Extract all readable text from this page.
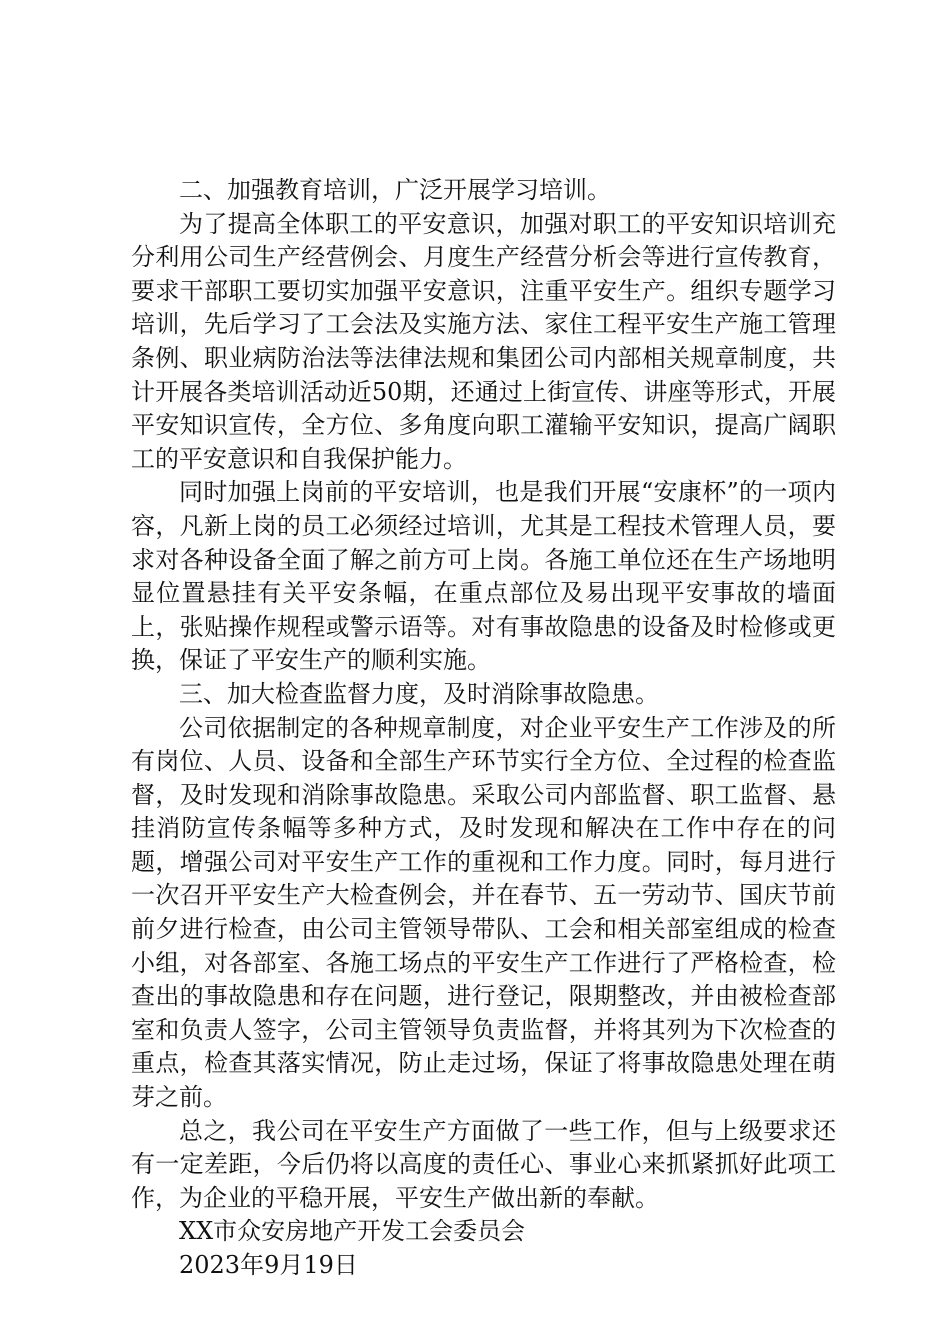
二、加强教育培训，广泛开展学习培训。

为了提高全体职工的平安意识，加强对职工的平安知识培训充分利用公司生产经营例会、月度生产经营分析会等进行宣传教育，要求干部职工要切实加强平安意识，注重平安生产。组织专题学习培训，先后学习了工会法及实施方法、家住工程平安生产施工管理条例、职业病防治法等法律法规和集团公司内部相关规章制度，共计开展各类培训活动近50期，还通过上街宣传、讲座等形式，开展平安知识宣传，全方位、多角度向职工灌输平安知识，提高广阔职工的平安意识和自我保护能力。

同时加强上岗前的平安培训，也是我们开展“安康杯”的一项内容，凡新上岗的员工必须经过培训，尤其是工程技术管理人员，要求对各种设备全面了解之前方可上岗。各施工单位还在生产场地明显位置悬挂有关平安条幅，在重点部位及易出现平安事故的墙面上，张贴操作规程或警示语等。对有事故隐患的设备及时检修或更换，保证了平安生产的顺利实施。

三、加大检查监督力度，及时消除事故隐患。

公司依据制定的各种规章制度，对企业平安生产工作涉及的所有岗位、人员、设备和全部生产环节实行全方位、全过程的检查监督，及时发现和消除事故隐患。采取公司内部监督、职工监督、悬挂消防宣传条幅等多种方式，及时发现和解决在工作中存在的问题，增强公司对平安生产工作的重视和工作力度。同时，每月进行一次召开平安生产大检查例会，并在春节、五一劳动节、国庆节前前夕进行检查，由公司主管领导带队、工会和相关部室组成的检查小组，对各部室、各施工场点的平安生产工作进行了严格检查，检查出的事故隐患和存在问题，进行登记，限期整改，并由被检查部室和负责人签字，公司主管领导负责监督，并将其列为下次检查的重点，检查其落实情况，防止走过场，保证了将事故隐患处理在萌芽之前。

总之，我公司在平安生产方面做了一些工作，但与上级要求还有一定差距，今后仍将以高度的责任心、事业心来抓紧抓好此项工作，为企业的平稳开展，平安生产做出新的奉献。

XX市众安房地产开发工会委员会

2023年9月19日
